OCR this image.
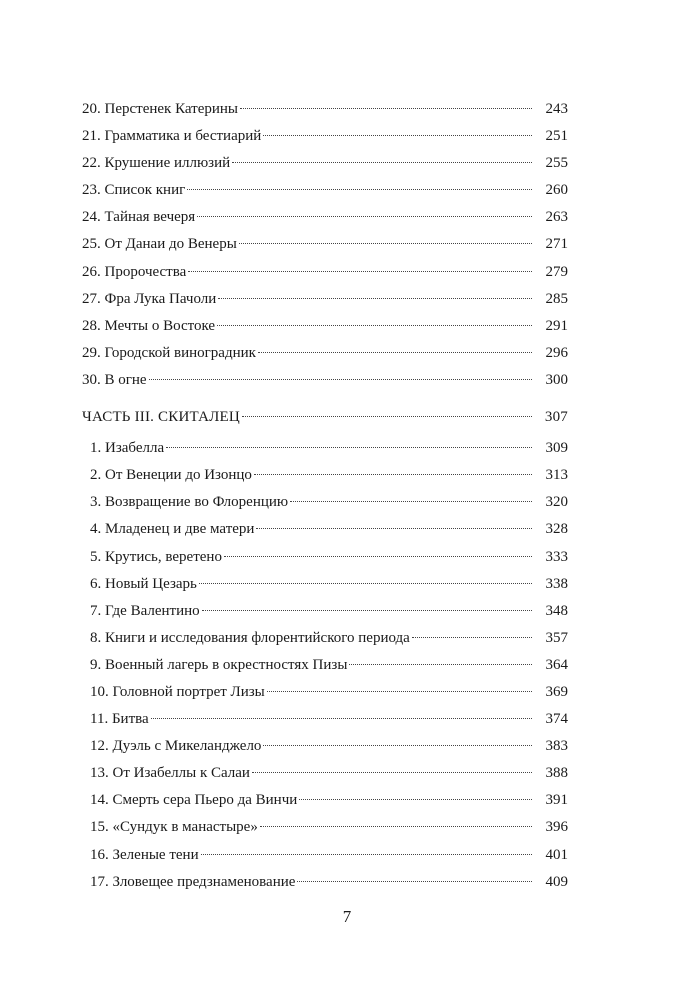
20. Перстенек Катерины	243
21. Грамматика и бестиарий	251
22. Крушение иллюзий	255
23. Список книг	260
24. Тайная вечеря	263
25. От Данаи до Венеры	271
26. Пророчества	279
27. Фра Лука Пачоли	285
28. Мечты о Востоке	291
29. Городской виноградник	296
30. В огне	300
ЧАСТЬ III. СКИТАЛЕЦ	307
1. Изабелла	309
2. От Венеции до Изонцо	313
3. Возвращение во Флоренцию	320
4. Младенец и две матери	328
5. Крутись, веретено	333
6. Новый Цезарь	338
7. Где Валентино	348
8. Книги и исследования флорентийского периода	357
9. Военный лагерь в окрестностях Пизы	364
10. Головной портрет Лизы	369
11. Битва	374
12. Дуэль с Микеланджело	383
13. От Изабеллы к Салаи	388
14. Смерть сера Пьеро да Винчи	391
15. «Сундук в манастыре»	396
16. Зеленые тени	401
17. Зловещее предзнаменование	409
7
